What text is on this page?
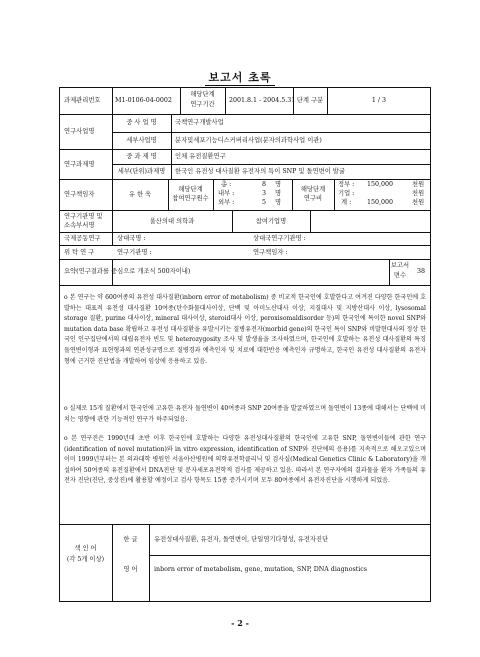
보고서 초록
과제관리번호 M1-0106-04-0002
해당단계
연구기간
2001.8.1 - 2004.5.31 단계 구분	1 / 3
연구사업명
중 사 업 명	국책연구개발사업
세부사업명	분자및세포기능디스커버리사업(분자의과학사업 이관)
연구과제명
중 과 제 명	인체 유전질환연구
세부(단위)과제명	한국인 유전성 대사질환 유전자의 특이 SNP 및 돌연변이 발굴
연구책임자	유 한 욱
해당단계
참여연구원수
총 :	8 명
내부 :	3 명
외부 :	5 명
해당단계
연구비
정부 : 150,000	천원
기업 :	천원
계 :	150,000	천원
연구기관명 및
소속부서명
울산의대 의학과	참여기업명
국제공동연구	상대국명 :	상대국연구기관명 :
위 탁 연 구	연구기관명 :	연구책임자 :
요약(연구결과를 중심으로 개조식 500자이내)
보고서
면수
38
o 본 연구는 약 600여종의 유전성 대사질환(inborn error of metabolism) 중 비교적 한국인에 호발한다고 여겨진 다양한 한국인에 호발하는 대표적 유전성 대사질환 10여종(탄수화물대사이상, 단백 및 아미노산대사 이상, 지질대사 및 지방산대사 이상, lysosomal storage 질환, purine 대사이상, mineral 대사이상, steroid대사 이상, peroxisomaldisorder 등)의 한국인에 특이한 novel SNP와 mutation data base 확립하고 유전성 대사질환을 유발시키는 질병유전자(morbid gene)의 한국인 특이 SNP와 비발현대사의 정상 한국인 인구집단에서의 대립유전자 빈도 및 heterozygosity 조사 및 발생율을 조사하였으며, 한국인에 호발하는 유전성 대사질환의 특징 돌연변이형과 표현형과의 연관성규명으로 질병경과 예측인자 및 치료에 대한반응 예측인자 규명하고, 한국인 유전성 대사질환의 유전자형에 근거한 진단법을 개발하여 임상에 응용하고 있음.
o 실제로 15개 질환에서 한국인에 고유한 유전자 돌연변이 40여종과 SNP 20여종을 발굴하였으며 돌연변이 13종에 대해서는 단백에 미치는 영향에 관한 기능적인 연구가 하주되었음.
o 본 연구진은 1990년대 초반 이후 한국인에 호발하는 다양한 유전성대사질환의 한국인에 고유한 SNP, 돌연변이들에 관한 연구(identification of novel mutation)와 in vitro expression, identification of SNP와 진단에의 응용)를 지속적으로 해오고있으며 이미 1999년부터는 본 의과대학 병원인 서울아산병원에 의학유전학클리닉 및 검사실(Medical Genetics Clinic & Laboratory)을 개설하여 50여종의 유전질환에서 DNA진단 및 분자세포유전학적 검사를 제공하고 있음. 따라서 본 연구자에의 결과물을 환자 가족들의 유전자 진단(진단, 중상진)에 활용할 예정이고 검사 항목도 15종 증가시키며 모두 80여종에서 유전자진단을 시행하게 되었음.
색 인 어
(각 5개 이상)
한 글	유전성대사질환, 유전자, 돌연변이, 단일염기다형성, 유전자진단
영 어	inborn error of metabolism, gene, mutation, SNP, DNA diagnostics
- 2 -
